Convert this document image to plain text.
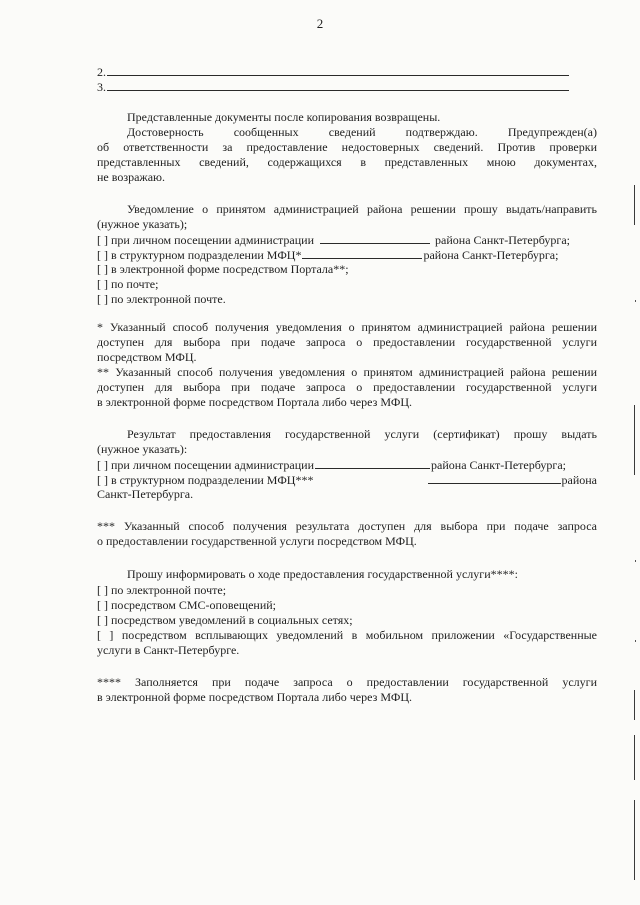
2
2.
3.
Представленные документы после копирования возвращены.
Достоверность сообщенных сведений подтверждаю. Предупрежден(а)
об ответственности за предоставление недостоверных сведений. Против проверки
представленных сведений, содержащихся в представленных мною документах,
не возражаю.
Уведомление о принятом администрацией района решении прошу выдать/направить
(нужное указать);
[ ] при личном посещении администрации	района Санкт-Петербурга;
[ ] в структурном подразделении МФЦ*	района Санкт-Петербурга;
[ ] в электронной форме посредством Портала**;
[ ] по почте;
[ ] по электронной почте.
* Указанный способ получения уведомления о принятом администрацией района решении
доступен для выбора при подаче запроса о предоставлении государственной услуги
посредством МФЦ.
** Указанный способ получения уведомления о принятом администрацией района решении
доступен для выбора при подаче запроса о предоставлении государственной услуги
в электронной форме посредством Портала либо через МФЦ.
Результат предоставления государственной услуги (сертификат) прошу выдать
(нужное указать):
[ ] при личном посещении администрации	района Санкт-Петербурга;
[ ] в структурном подразделении МФЦ***	района
Санкт-Петербурга.
*** Указанный способ получения результата доступен для выбора при подаче запроса
о предоставлении государственной услуги посредством МФЦ.
Прошу информировать о ходе предоставления государственной услуги****:
[ ] по электронной почте;
[ ] посредством СМС-оповещений;
[ ] посредством уведомлений в социальных сетях;
[ ] посредством всплывающих уведомлений в мобильном приложении «Государственные
услуги в Санкт-Петербурге.
**** Заполняется при подаче запроса о предоставлении государственной услуги
в электронной форме посредством Портала либо через МФЦ.
